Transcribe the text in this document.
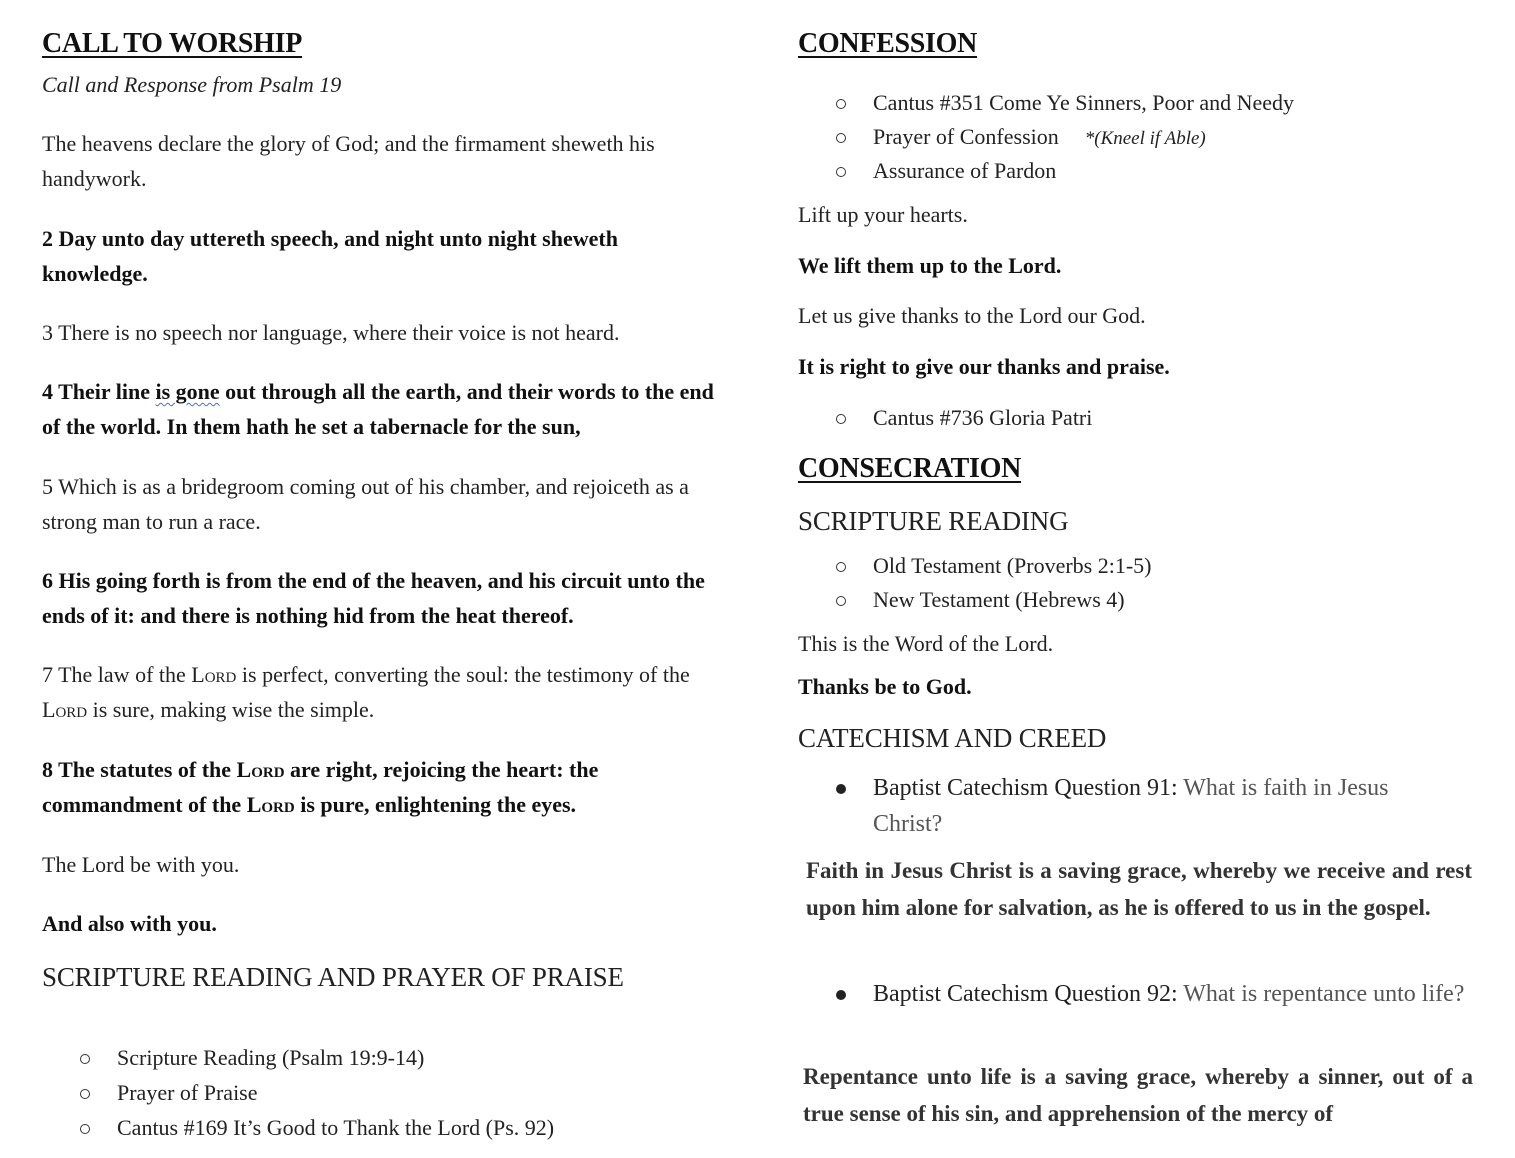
CALL TO WORSHIP
Call and Response from Psalm 19
The heavens declare the glory of God; and the firmament sheweth his handywork.
2 Day unto day uttereth speech, and night unto night sheweth knowledge.
3 There is no speech nor language, where their voice is not heard.
4 Their line is gone out through all the earth, and their words to the end of the world. In them hath he set a tabernacle for the sun,
5 Which is as a bridegroom coming out of his chamber, and rejoiceth as a strong man to run a race.
6 His going forth is from the end of the heaven, and his circuit unto the ends of it: and there is nothing hid from the heat thereof.
7 The law of the Lord is perfect, converting the soul: the testimony of the Lord is sure, making wise the simple.
8 The statutes of the Lord are right, rejoicing the heart: the commandment of the Lord is pure, enlightening the eyes.
The Lord be with you.
And also with you.
SCRIPTURE READING AND PRAYER OF PRAISE
Scripture Reading (Psalm 19:9-14)
Prayer of Praise
Cantus #169 It’s Good to Thank the Lord (Ps. 92)
CONFESSION
Cantus #351 Come Ye Sinners, Poor and Needy
Prayer of Confession *(Kneel if Able)
Assurance of Pardon
Lift up your hearts.
We lift them up to the Lord.
Let us give thanks to the Lord our God.
It is right to give our thanks and praise.
Cantus #736 Gloria Patri
CONSECRATION
SCRIPTURE READING
Old Testament (Proverbs 2:1-5)
New Testament (Hebrews 4)
This is the Word of the Lord.
Thanks be to God.
CATECHISM AND CREED
Baptist Catechism Question 91: What is faith in Jesus Christ?
Faith in Jesus Christ is a saving grace, whereby we receive and rest upon him alone for salvation, as he is offered to us in the gospel.
Baptist Catechism Question 92: What is repentance unto life?
Repentance unto life is a saving grace, whereby a sinner, out of a true sense of his sin, and apprehension of the mercy of
